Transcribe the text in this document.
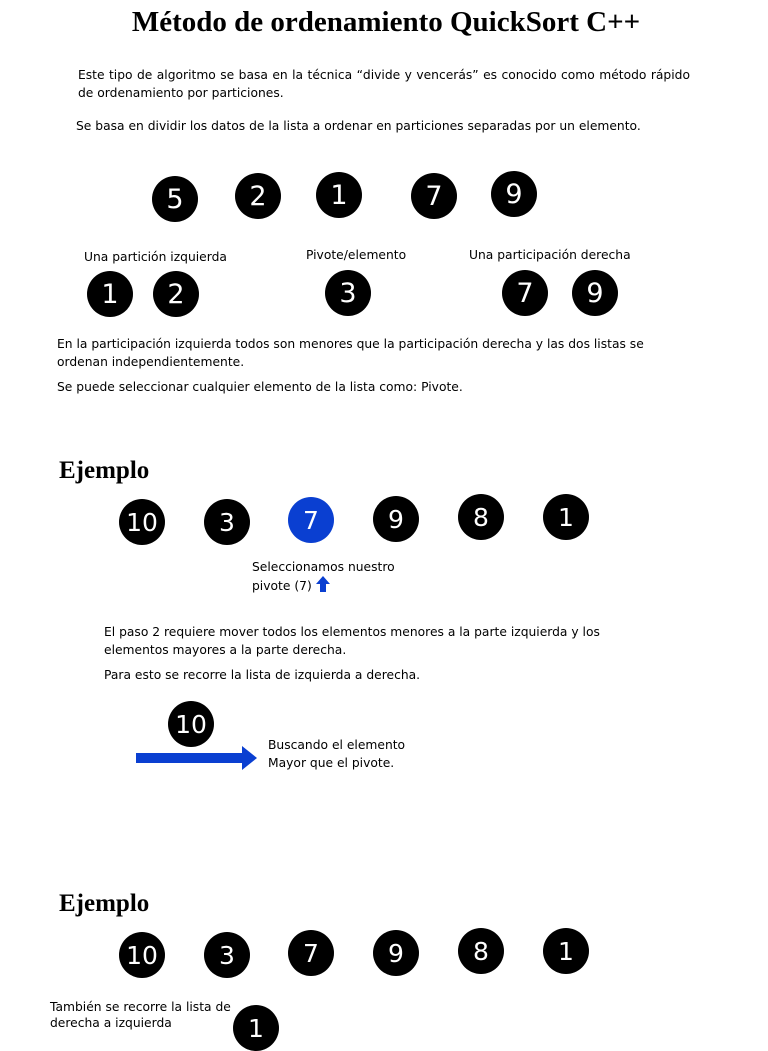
Método de ordenamiento QuickSort C++
Este tipo de algoritmo se basa en la técnica “divide y vencerás” es conocido como método rápido de ordenamiento por particiones.
Se basa en dividir los datos de la lista a ordenar en particiones separadas por un elemento.
5	2	1	7	9
Una partición izquierda	Pivote/elemento	Una participación derecha
1	2	3	7	9
En la participación izquierda todos son menores que la participación derecha y las dos listas se ordenan independientemente.
Se puede seleccionar cualquier elemento de la lista como: Pivote.
Ejemplo
10	3	7	9	8	1
Seleccionamos nuestro
pivote (7)
El paso 2 requiere mover todos los elementos menores a la parte izquierda y los elementos mayores a la parte derecha.
Para esto se recorre la lista de izquierda a derecha.
10
Buscando el elemento
Mayor que el pivote.
Ejemplo
10	3	7	9	8	1
También se recorre la lista de
derecha a izquierda	1
